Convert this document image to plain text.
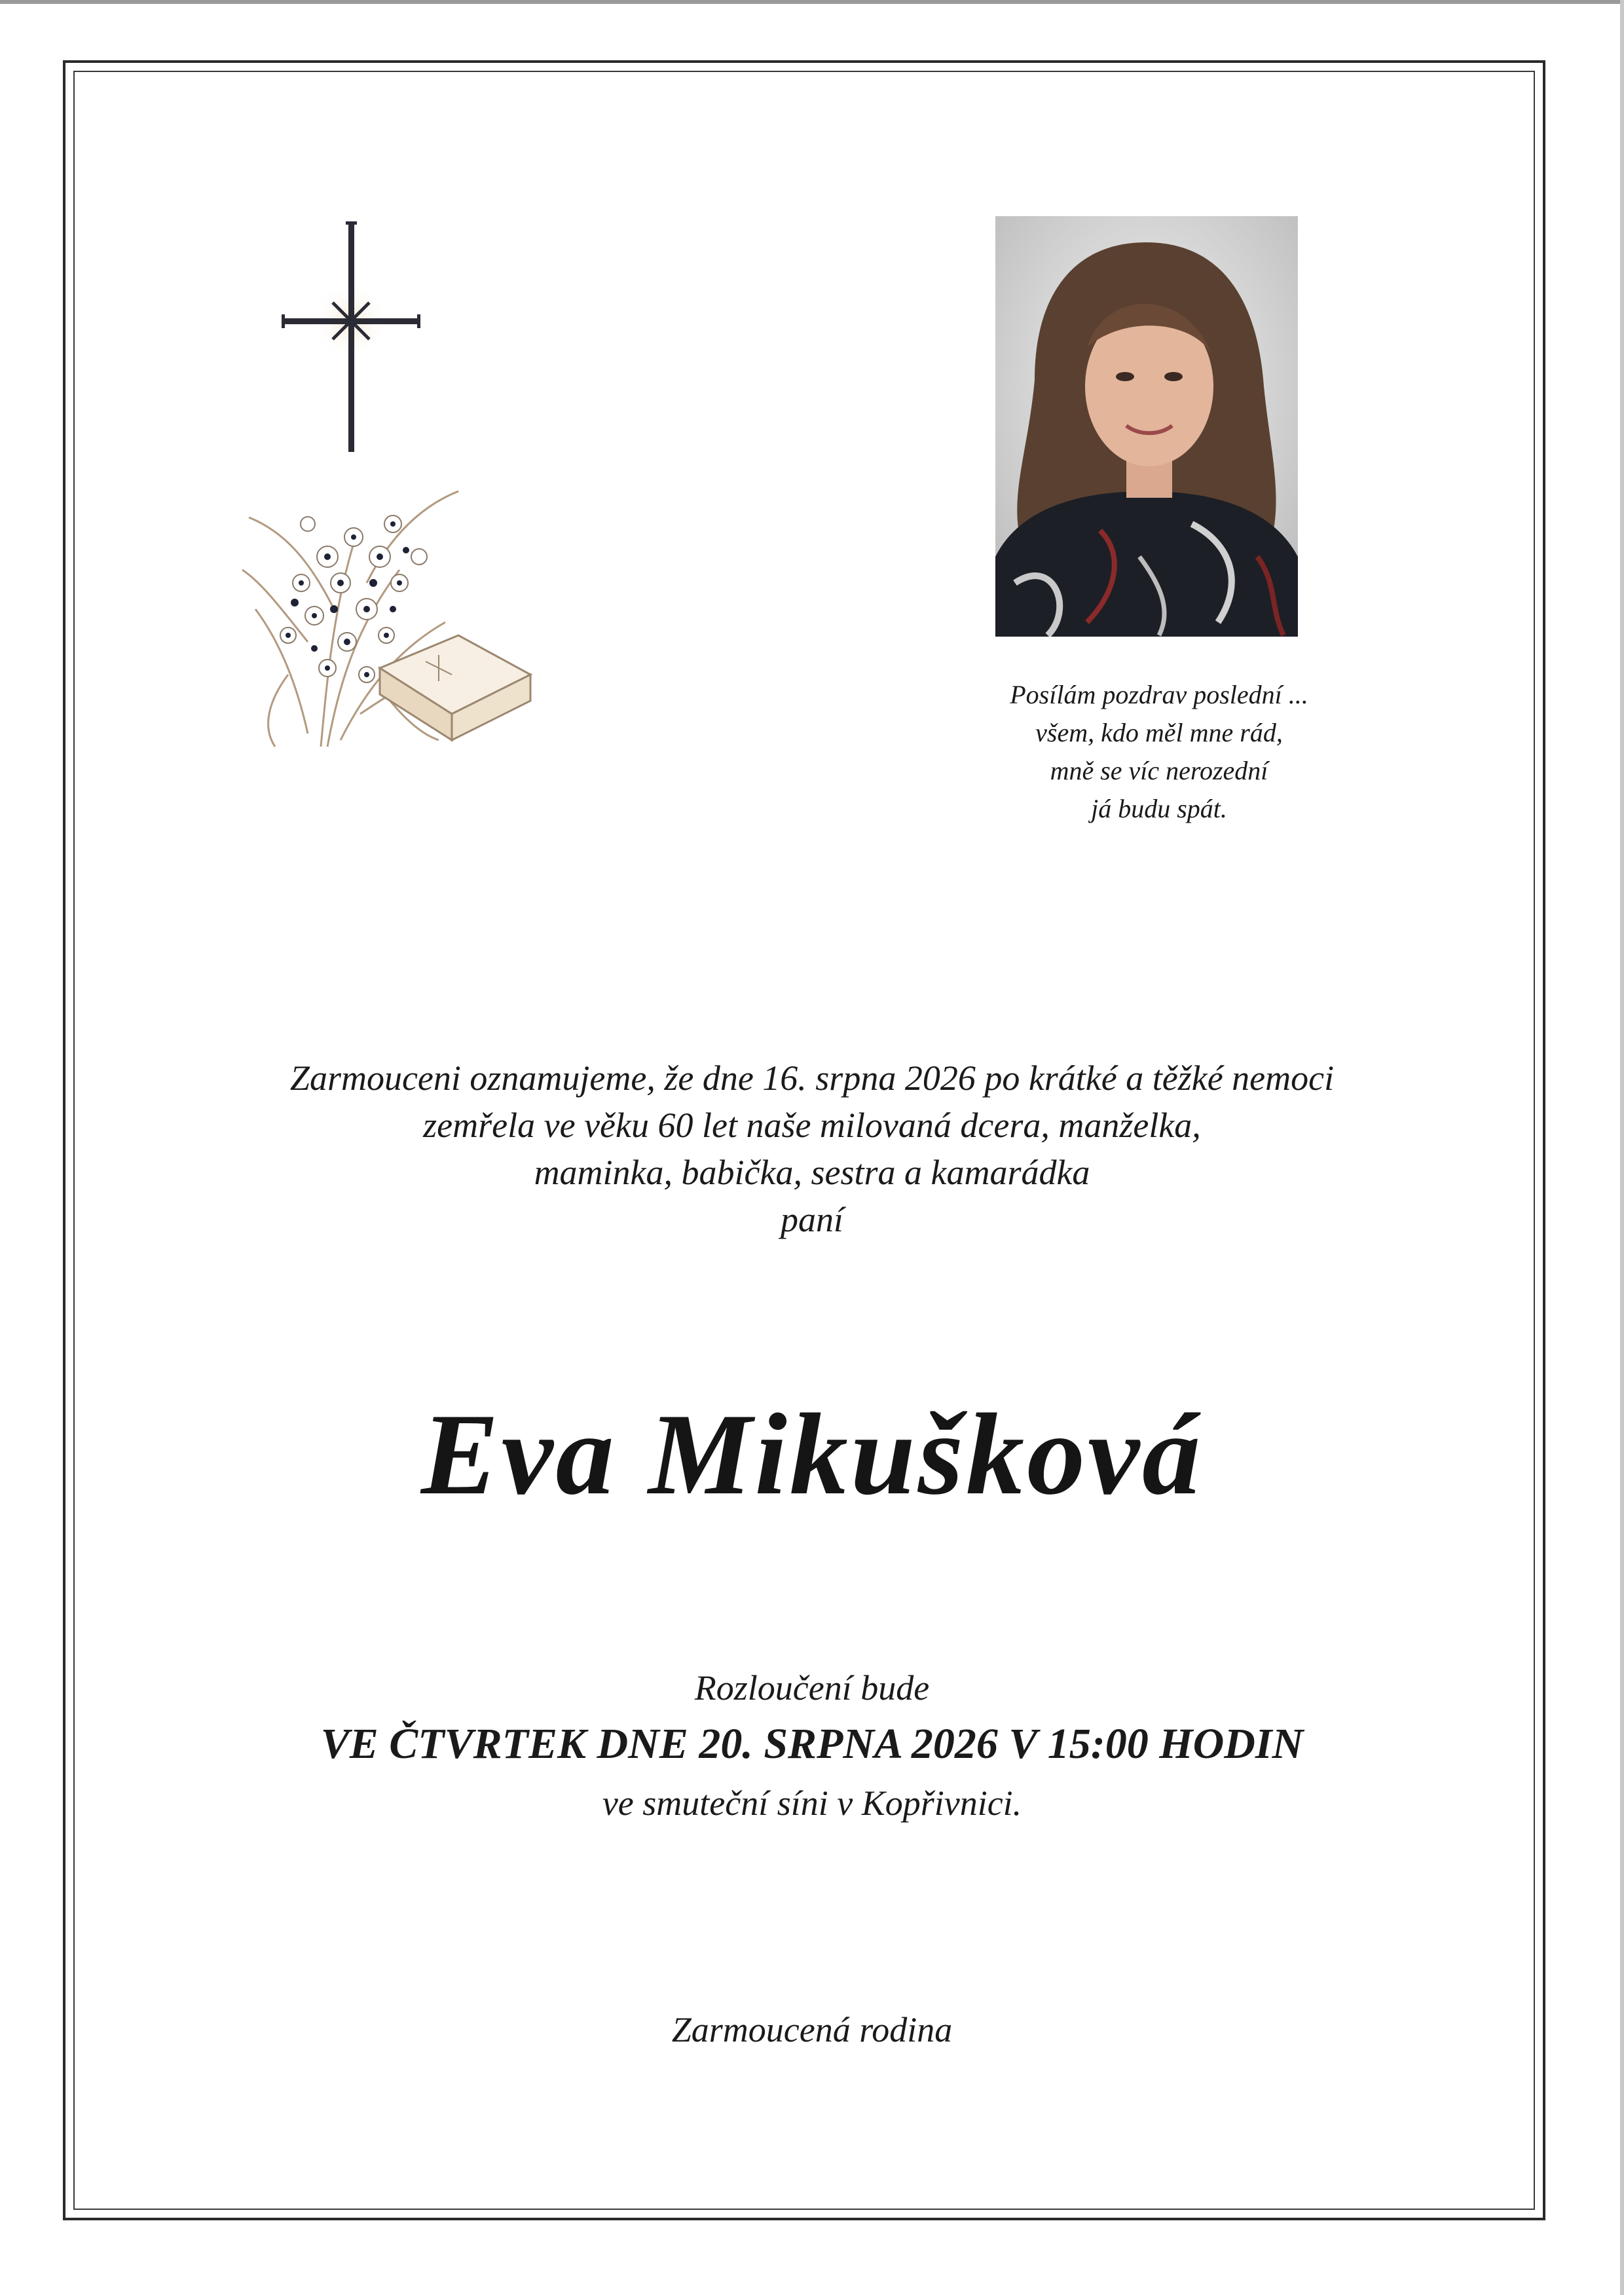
Posílám pozdrav poslední ...
všem, kdo měl mne rád,
mně se víc nerozední
já budu spát.
Zarmouceni oznamujeme, že dne 16. srpna 2026 po krátké a těžké nemoci
zemřela ve věku 60 let naše milovaná dcera, manželka,
maminka, babička, sestra a kamarádka
paní
Eva Mikušková
Rozloučení bude
VE ČTVRTEK DNE 20. SRPNA 2026 V 15:00 HODIN
ve smuteční síni v Kopřivnici.
Zarmoucená rodina
